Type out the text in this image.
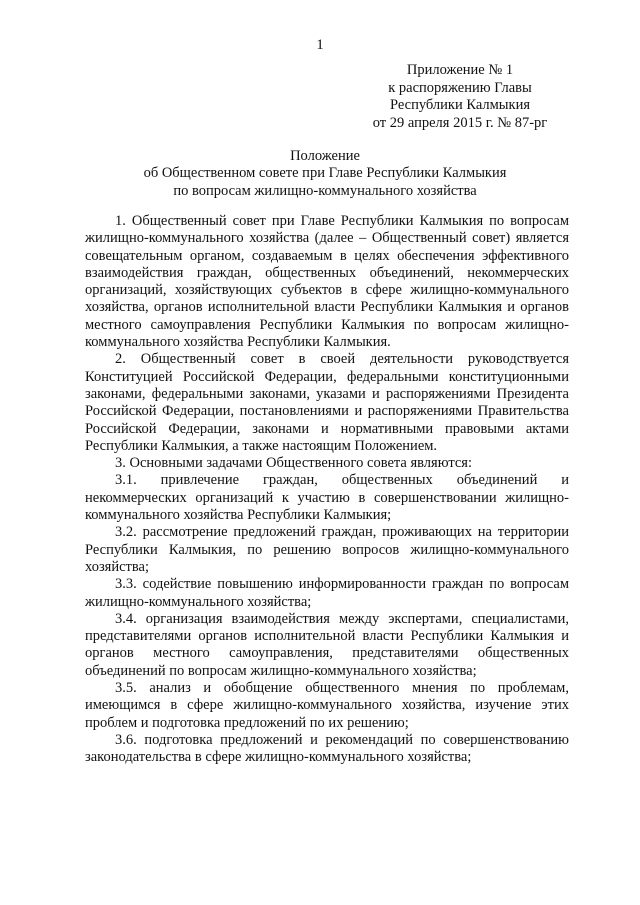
1
Приложение № 1
к распоряжению Главы
Республики Калмыкия
от 29 апреля 2015 г. № 87-рг
Положение
об Общественном совете при Главе Республики Калмыкия
по вопросам жилищно-коммунального хозяйства

1. Общественный совет при Главе Республики Калмыкия по вопросам жилищно-коммунального хозяйства (далее – Общественный совет) является совещательным органом, создаваемым в целях обеспечения эффективного взаимодействия граждан, общественных объединений, некоммерческих организаций, хозяйствующих субъектов в сфере жилищно-коммунального хозяйства, органов исполнительной власти Республики Калмыкия и органов местного самоуправления Республики Калмыкия по вопросам жилищно-коммунального хозяйства Республики Калмыкия.

2. Общественный совет в своей деятельности руководствуется Конституцией Российской Федерации, федеральными конституционными законами, федеральными законами, указами и распоряжениями Президента Российской Федерации, постановлениями и распоряжениями Правительства Российской Федерации, законами и нормативными правовыми актами Республики Калмыкия, а также настоящим Положением.

3. Основными задачами Общественного совета являются:

3.1. привлечение граждан, общественных объединений и некоммерческих организаций к участию в совершенствовании жилищно-коммунального хозяйства Республики Калмыкия;

3.2. рассмотрение предложений граждан, проживающих на территории Республики Калмыкия, по решению вопросов жилищно-коммунального хозяйства;

3.3. содействие повышению информированности граждан по вопросам жилищно-коммунального хозяйства;

3.4. организация взаимодействия между экспертами, специалистами, представителями органов исполнительной власти Республики Калмыкия и органов местного самоуправления, представителями общественных объединений по вопросам жилищно-коммунального хозяйства;

3.5. анализ и обобщение общественного мнения по проблемам, имеющимся в сфере жилищно-коммунального хозяйства, изучение этих проблем и подготовка предложений по их решению;

3.6. подготовка предложений и рекомендаций по совершенствованию законодательства в сфере жилищно-коммунального хозяйства;
